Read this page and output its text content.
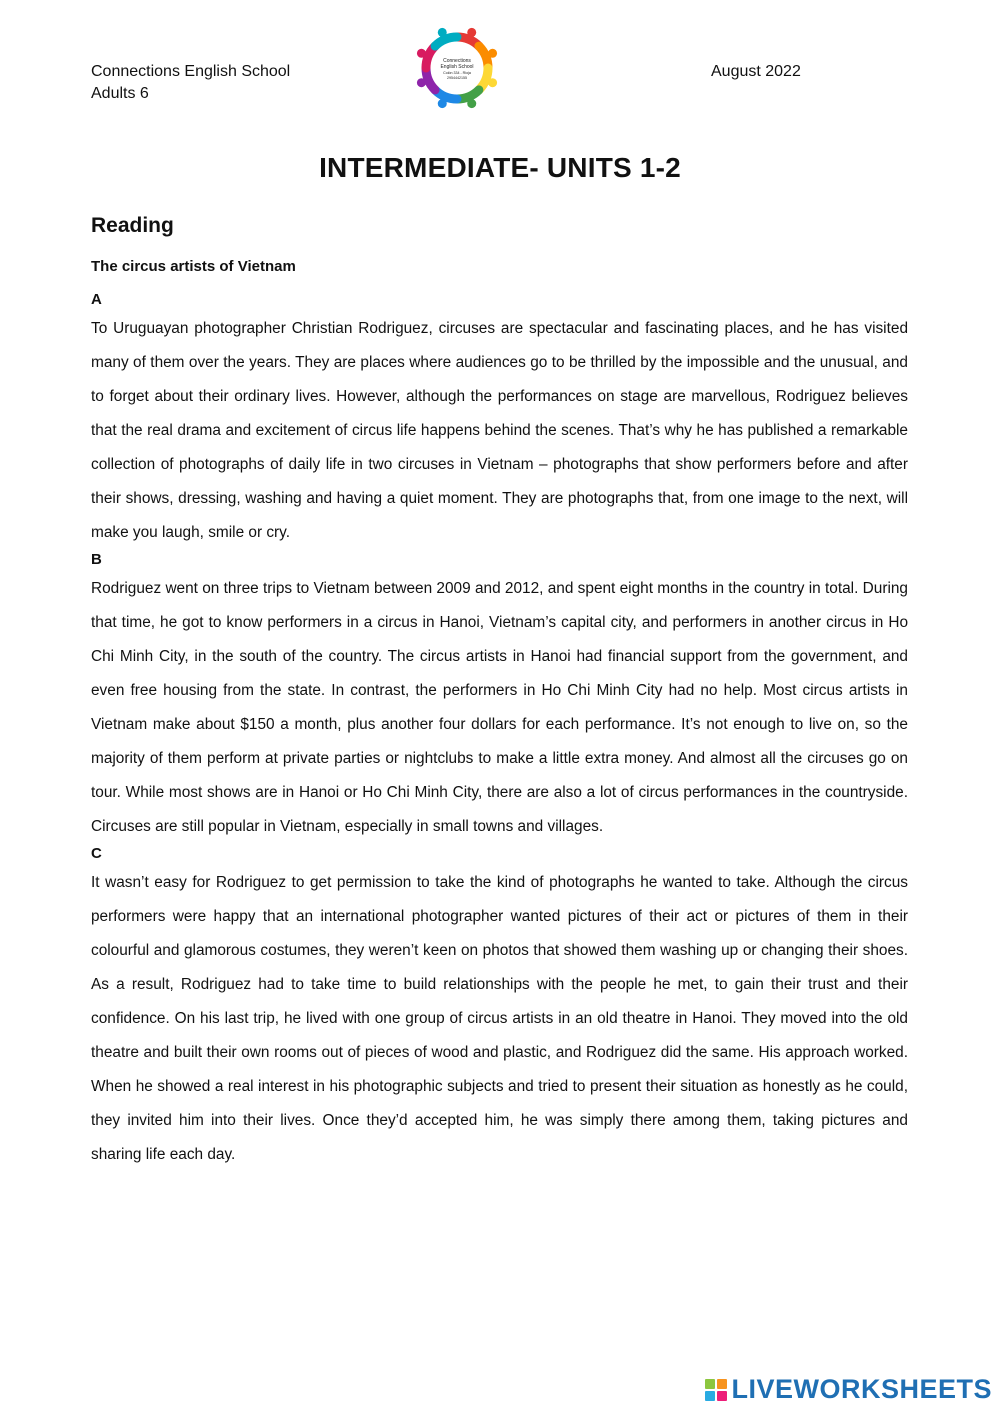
Connections English School
Adults 6
Connections
English School
Colón 334 - Rioja
2954442155	August 2022
INTERMEDIATE- UNITS 1-2
Reading
The circus artists of Vietnam

A

To Uruguayan photographer Christian Rodriguez, circuses are spectacular and fascinating places, and he has visited many of them over the years. They are places where audiences go to be thrilled by the impossible and the unusual, and to forget about their ordinary lives. However, although the performances on stage are marvellous, Rodriguez believes that the real drama and excitement of circus life happens behind the scenes. That’s why he has published a remarkable collection of photographs of daily life in two circuses in Vietnam – photographs that show performers before and after their shows, dressing, washing and having a quiet moment. They are photographs that, from one image to the next, will make you laugh, smile or cry.

B

Rodriguez went on three trips to Vietnam between 2009 and 2012, and spent eight months in the country in total. During that time, he got to know performers in a circus in Hanoi, Vietnam’s capital city, and performers in another circus in Ho Chi Minh City, in the south of the country. The circus artists in Hanoi had financial support from the government, and even free housing from the state. In contrast, the performers in Ho Chi Minh City had no help. Most circus artists in Vietnam make about $150 a month, plus another four dollars for each performance. It’s not enough to live on, so the majority of them perform at private parties or nightclubs to make a little extra money. And almost all the circuses go on tour. While most shows are in Hanoi or Ho Chi Minh City, there are also a lot of circus performances in the countryside. Circuses are still popular in Vietnam, especially in small towns and villages.

C

It wasn’t easy for Rodriguez to get permission to take the kind of photographs he wanted to take. Although the circus performers were happy that an international photographer wanted pictures of their act or pictures of them in their colourful and glamorous costumes, they weren’t keen on photos that showed them washing up or changing their shoes. As a result, Rodriguez had to take time to build relationships with the people he met, to gain their trust and their confidence. On his last trip, he lived with one group of circus artists in an old theatre in Hanoi. They moved into the old theatre and built their own rooms out of pieces of wood and plastic, and Rodriguez did the same. His approach worked. When he showed a real interest in his photographic subjects and tried to present their situation as honestly as he could, they invited him into their lives. Once they’d accepted him, he was simply there among them, taking pictures and sharing life each day.

LIVEWORKSHEETS
